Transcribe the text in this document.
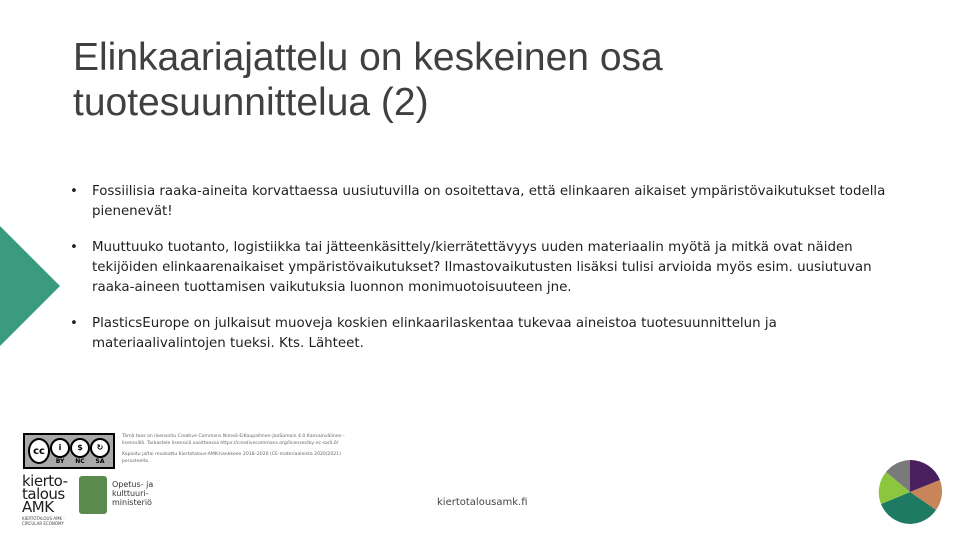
Elinkaariajattelu on keskeinen osa
tuotesuunnittelua (2)
• Fossiilisia raaka-aineita korvattaessa uusiutuvilla on osoitettava, että elinkaaren aikaiset ympäristövaikutukset todella pienenevät!
• Muuttuuko tuotanto, logistiikka tai jätteenkäsittely/kierrätettävyys uuden materiaalin myötä ja mitkä ovat näiden tekijöiden elinkaarenaikaiset ympäristövaikutukset? Ilmastovaikutusten lisäksi tulisi arvioida myös esim. uusiutuvan raaka-aineen tuottamisen vaikutuksia luonnon monimuotoisuuteen jne.
• PlasticsEurope on julkaisut muoveja koskien elinkaarilaskentaa tukevaa aineistoa tuotesuunnittelun ja materiaalivalintojen tueksi. Kts. Lähteet.
cc	i
BY
$
NC
↻
SA

Tämä teos on lisensoitu Creative Commons Nimeä-EiKaupallinen-JaaSamoin 4.0 Kansainvälinen -lisenssillä. Tarkastele lisenssiä osoitteessa https://creativecommons.org/licenses/by-nc-sa/4.0/

Kopioitu ja/tai muokattu Kiertotalous-AMK-hankkeen 2018–2020 (CE-materiaaleista 2020/2021) perusteella.

kierto-
talous
AMK
KIERTOTALOUS-AMK · CIRCULAR ECONOMY
Opetus- ja
kulttuuri-
ministeriö	kiertotalousamk.fi
